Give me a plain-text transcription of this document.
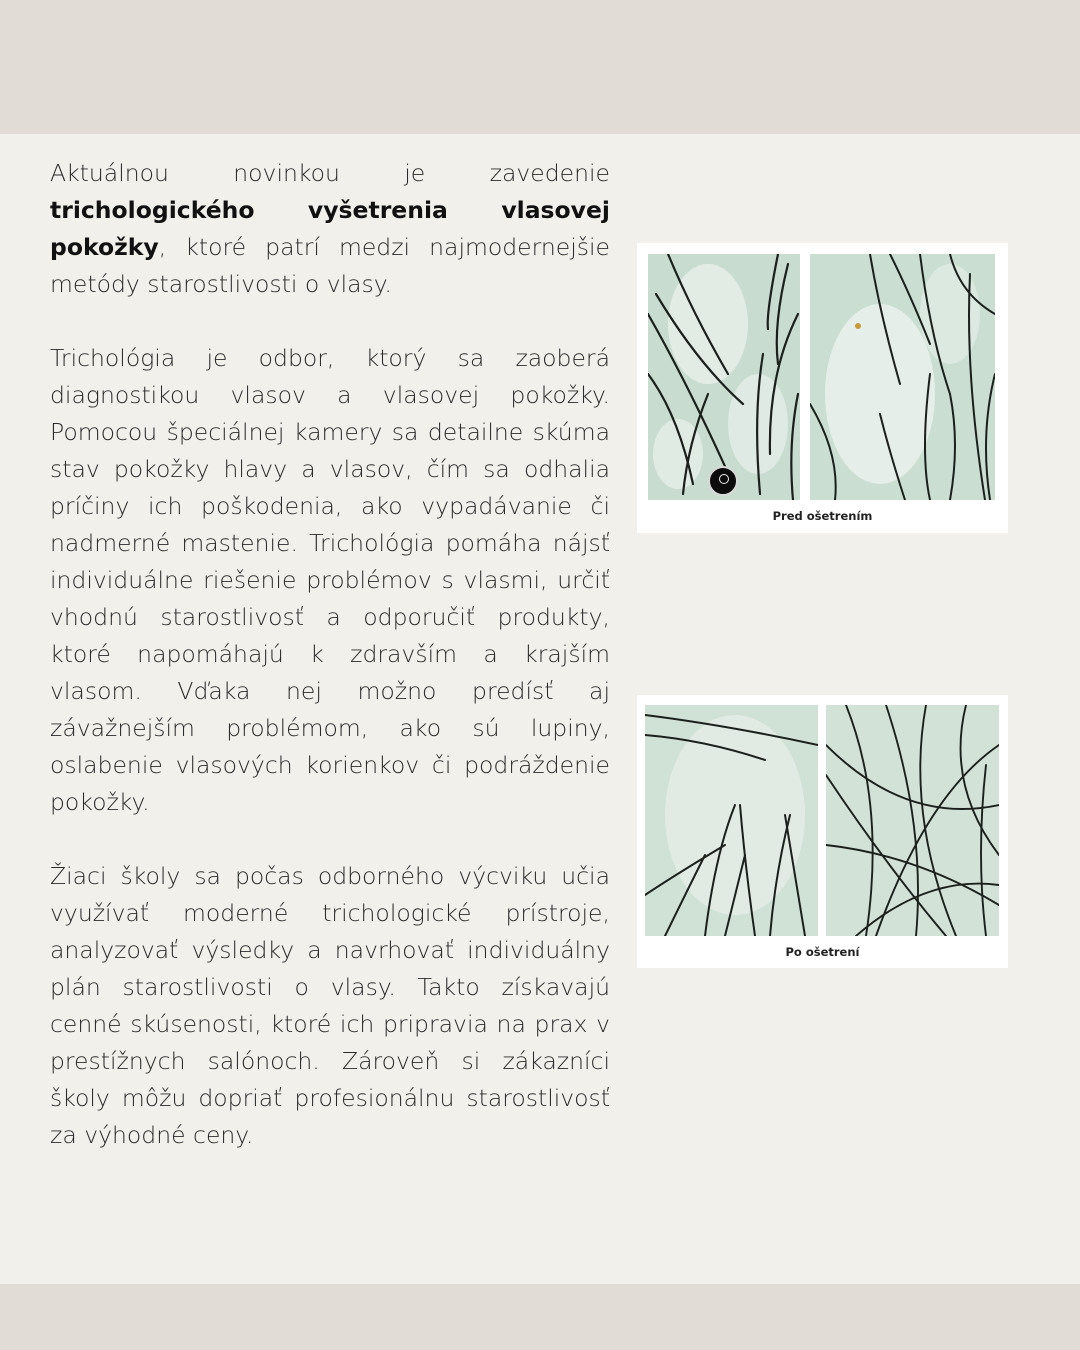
Aktuálnou novinkou je zavedenie trichologického vyšetrenia vlasovej pokožky, ktoré patrí medzi najmodernejšie metódy starostlivosti o vlasy.

Trichológia je odbor, ktorý sa zaoberá diagnostikou vlasov a vlasovej pokožky. Pomocou špeciálnej kamery sa detailne skúma stav pokožky hlavy a vlasov, čím sa odhalia príčiny ich poškodenia, ako vypadávanie či nadmerné mastenie. Trichológia pomáha nájsť individuálne riešenie problémov s vlasmi, určiť vhodnú starostlivosť a odporučiť produkty, ktoré napomáhajú k zdravším a krajším vlasom. Vďaka nej možno predísť aj závažnejším problémom, ako sú lupiny, oslabenie vlasových korienkov či podráždenie pokožky.

Žiaci školy sa počas odborného výcviku učia využívať moderné trichologické prístroje, analyzovať výsledky a navrhovať individuálny plán starostlivosti o vlasy. Takto získavajú cenné skúsenosti, ktoré ich pripravia na prax v prestížnych salónoch. Zároveň si zákazníci školy môžu dopriať profesionálnu starostlivosť za výhodné ceny.

Pred ošetrením
Po ošetrení
